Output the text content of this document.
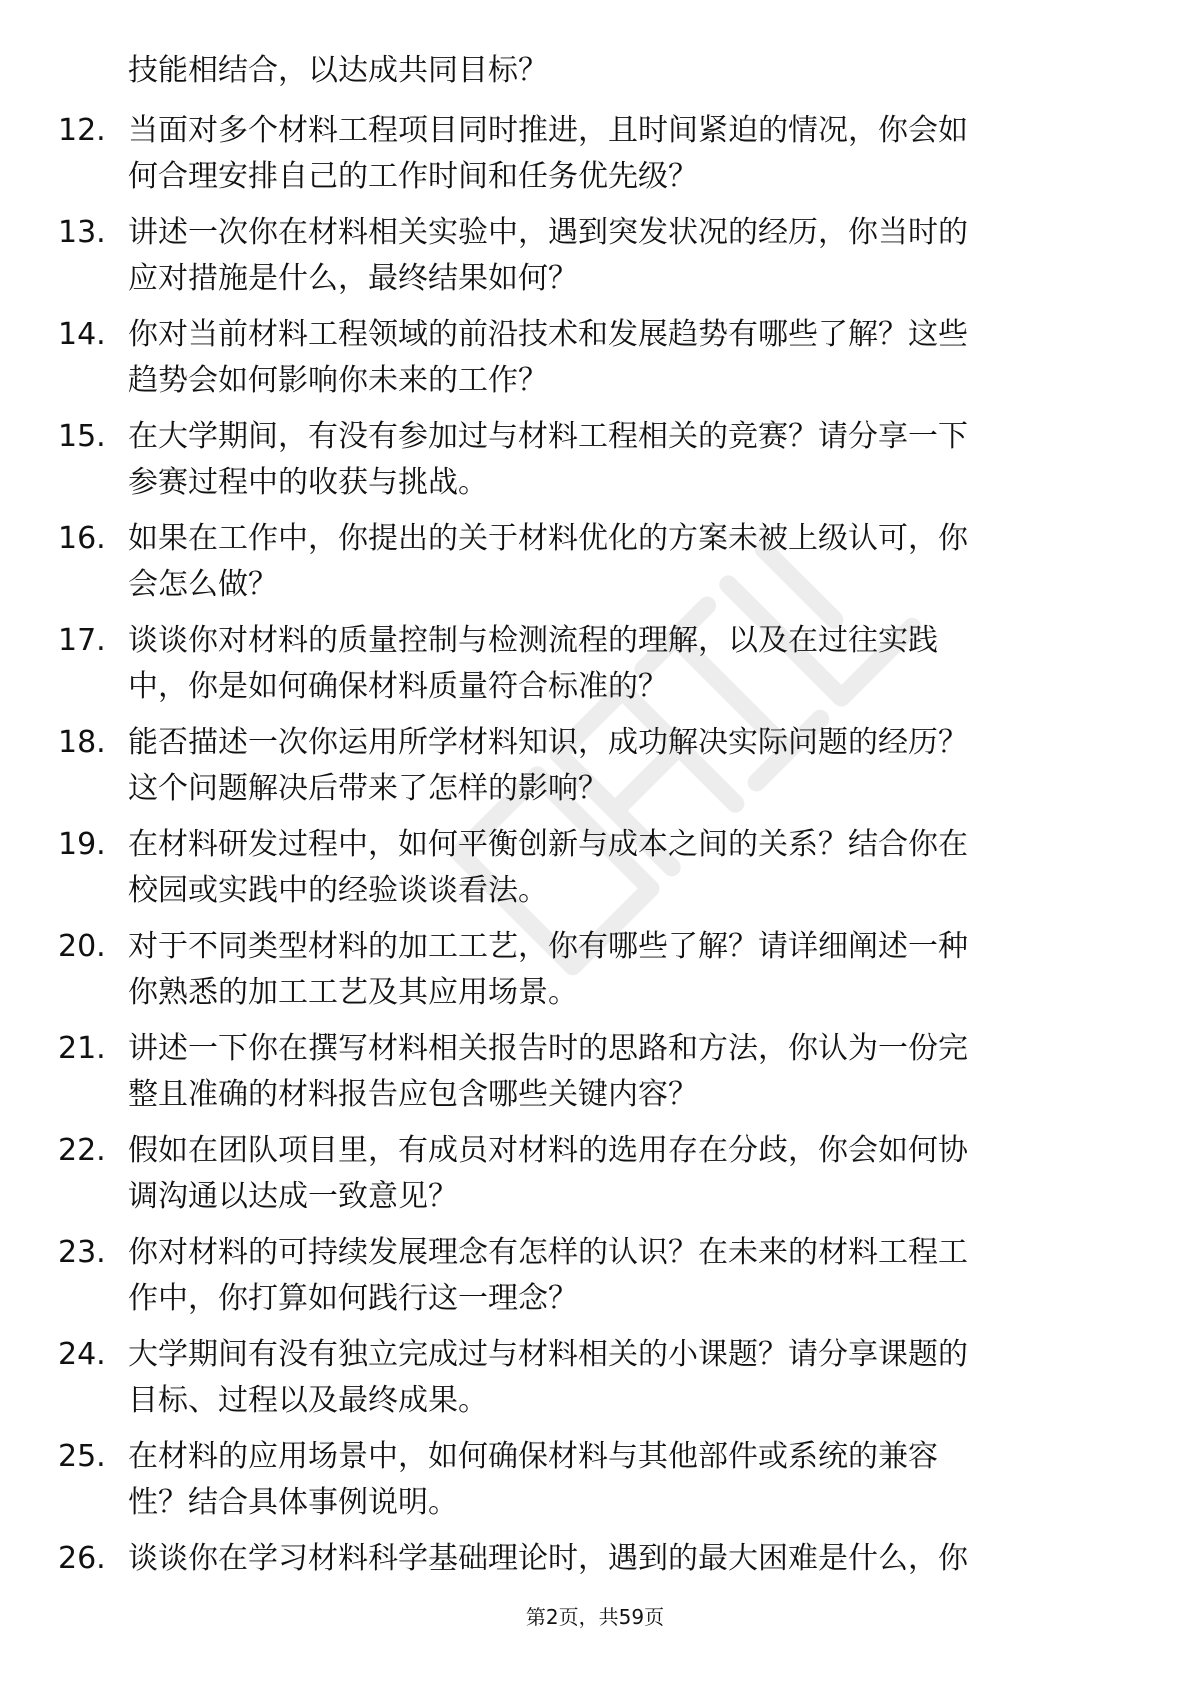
技能相结合，以达成共同目标？
12. 当面对多个材料工程项目同时推进，且时间紧迫的情况，你会如
何合理安排自己的工作时间和任务优先级？
13. 讲述一次你在材料相关实验中，遇到突发状况的经历，你当时的
应对措施是什么，最终结果如何？
14. 你对当前材料工程领域的前沿技术和发展趋势有哪些了解？这些
趋势会如何影响你未来的工作？
15. 在大学期间，有没有参加过与材料工程相关的竞赛？请分享一下
参赛过程中的收获与挑战。
16. 如果在工作中，你提出的关于材料优化的方案未被上级认可，你
会怎么做？
17. 谈谈你对材料的质量控制与检测流程的理解，以及在过往实践
中，你是如何确保材料质量符合标准的？
18. 能否描述一次你运用所学材料知识，成功解决实际问题的经历？
这个问题解决后带来了怎样的影响？
19. 在材料研发过程中，如何平衡创新与成本之间的关系？结合你在
校园或实践中的经验谈谈看法。
20. 对于不同类型材料的加工工艺，你有哪些了解？请详细阐述一种
你熟悉的加工工艺及其应用场景。
21. 讲述一下你在撰写材料相关报告时的思路和方法，你认为一份完
整且准确的材料报告应包含哪些关键内容？
22. 假如在团队项目里，有成员对材料的选用存在分歧，你会如何协
调沟通以达成一致意见？
23. 你对材料的可持续发展理念有怎样的认识？在未来的材料工程工
作中，你打算如何践行这一理念？
24. 大学期间有没有独立完成过与材料相关的小课题？请分享课题的
目标、过程以及最终成果。
25. 在材料的应用场景中，如何确保材料与其他部件或系统的兼容
性？结合具体事例说明。
26. 谈谈你在学习材料科学基础理论时，遇到的最大困难是什么，你
第2页，共59页
